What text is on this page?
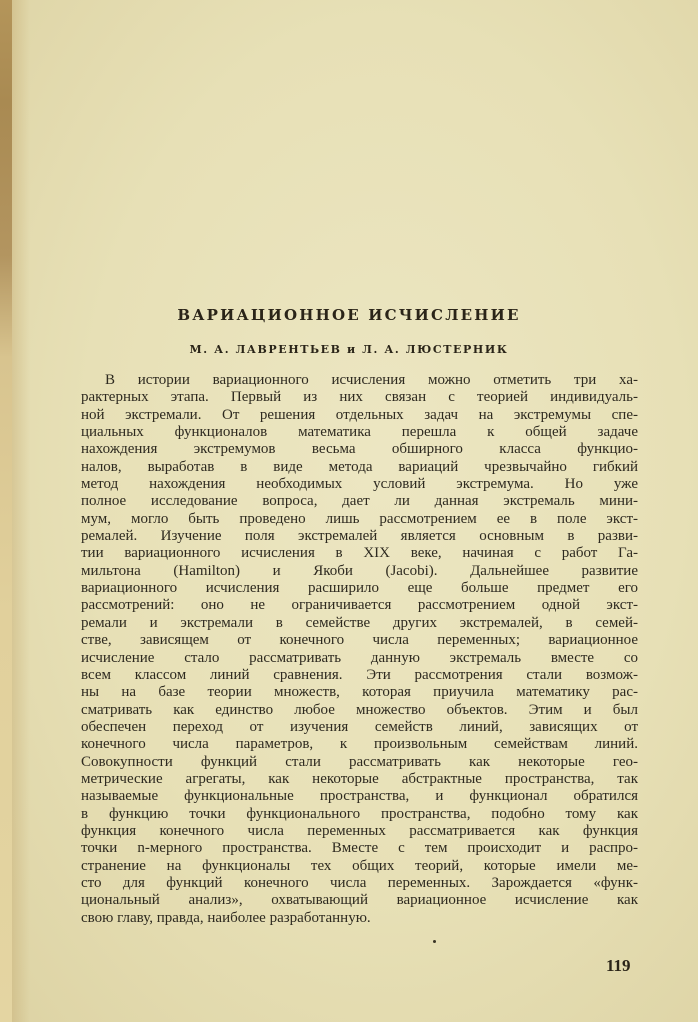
ВАРИАЦИОННОЕ ИСЧИСЛЕНИЕ
М. А. ЛАВРЕНТЬЕВ и Л. А. ЛЮСТЕРНИК
В истории вариационного исчисления можно отметить три ха-
рактерных этапа. Первый из них связан с теорией индивидуаль-
ной экстремали. От решения отдельных задач на экстремумы спе-
циальных функционалов математика перешла к общей задаче
нахождения экстремумов весьма обширного класса функцио-
налов, выработав в виде метода вариаций чрезвычайно гибкий
метод нахождения необходимых условий экстремума. Но уже
полное исследование вопроса, дает ли данная экстремаль мини-
мум, могло быть проведено лишь рассмотрением ее в поле экст-
ремалей. Изучение поля экстремалей является основным в разви-
тии вариационного исчисления в XIX веке, начиная с работ Га-
мильтона (Hamilton) и Якоби (Jacobi). Дальнейшее развитие
вариационного исчисления расширило еще больше предмет его
рассмотрений: оно не ограничивается рассмотрением одной экст-
ремали и экстремали в семействе других экстремалей, в семей-
стве, зависящем от конечного числа переменных; вариационное
исчисление стало рассматривать данную экстремаль вместе со
всем классом линий сравнения. Эти рассмотрения стали возмож-
ны на базе теории множеств, которая приучила математику рас-
сматривать как единство любое множество объектов. Этим и был
обеспечен переход от изучения семейств линий, зависящих от
конечного числа параметров, к произвольным семействам линий.
Совокупности функций стали рассматривать как некоторые гео-
метрические агрегаты, как некоторые абстрактные пространства, так
называемые функциональные пространства, и функционал обратился
в функцию точки функционального пространства, подобно тому как
функция конечного числа переменных рассматривается как функция
точки n-мерного пространства. Вместе с тем происходит и распро-
странение на функционалы тех общих теорий, которые имели ме-
сто для функций конечного числа переменных. Зарождается «функ-
циональный анализ», охватывающий вариационное исчисление как
свою главу, правда, наиболее разработанную.
119
